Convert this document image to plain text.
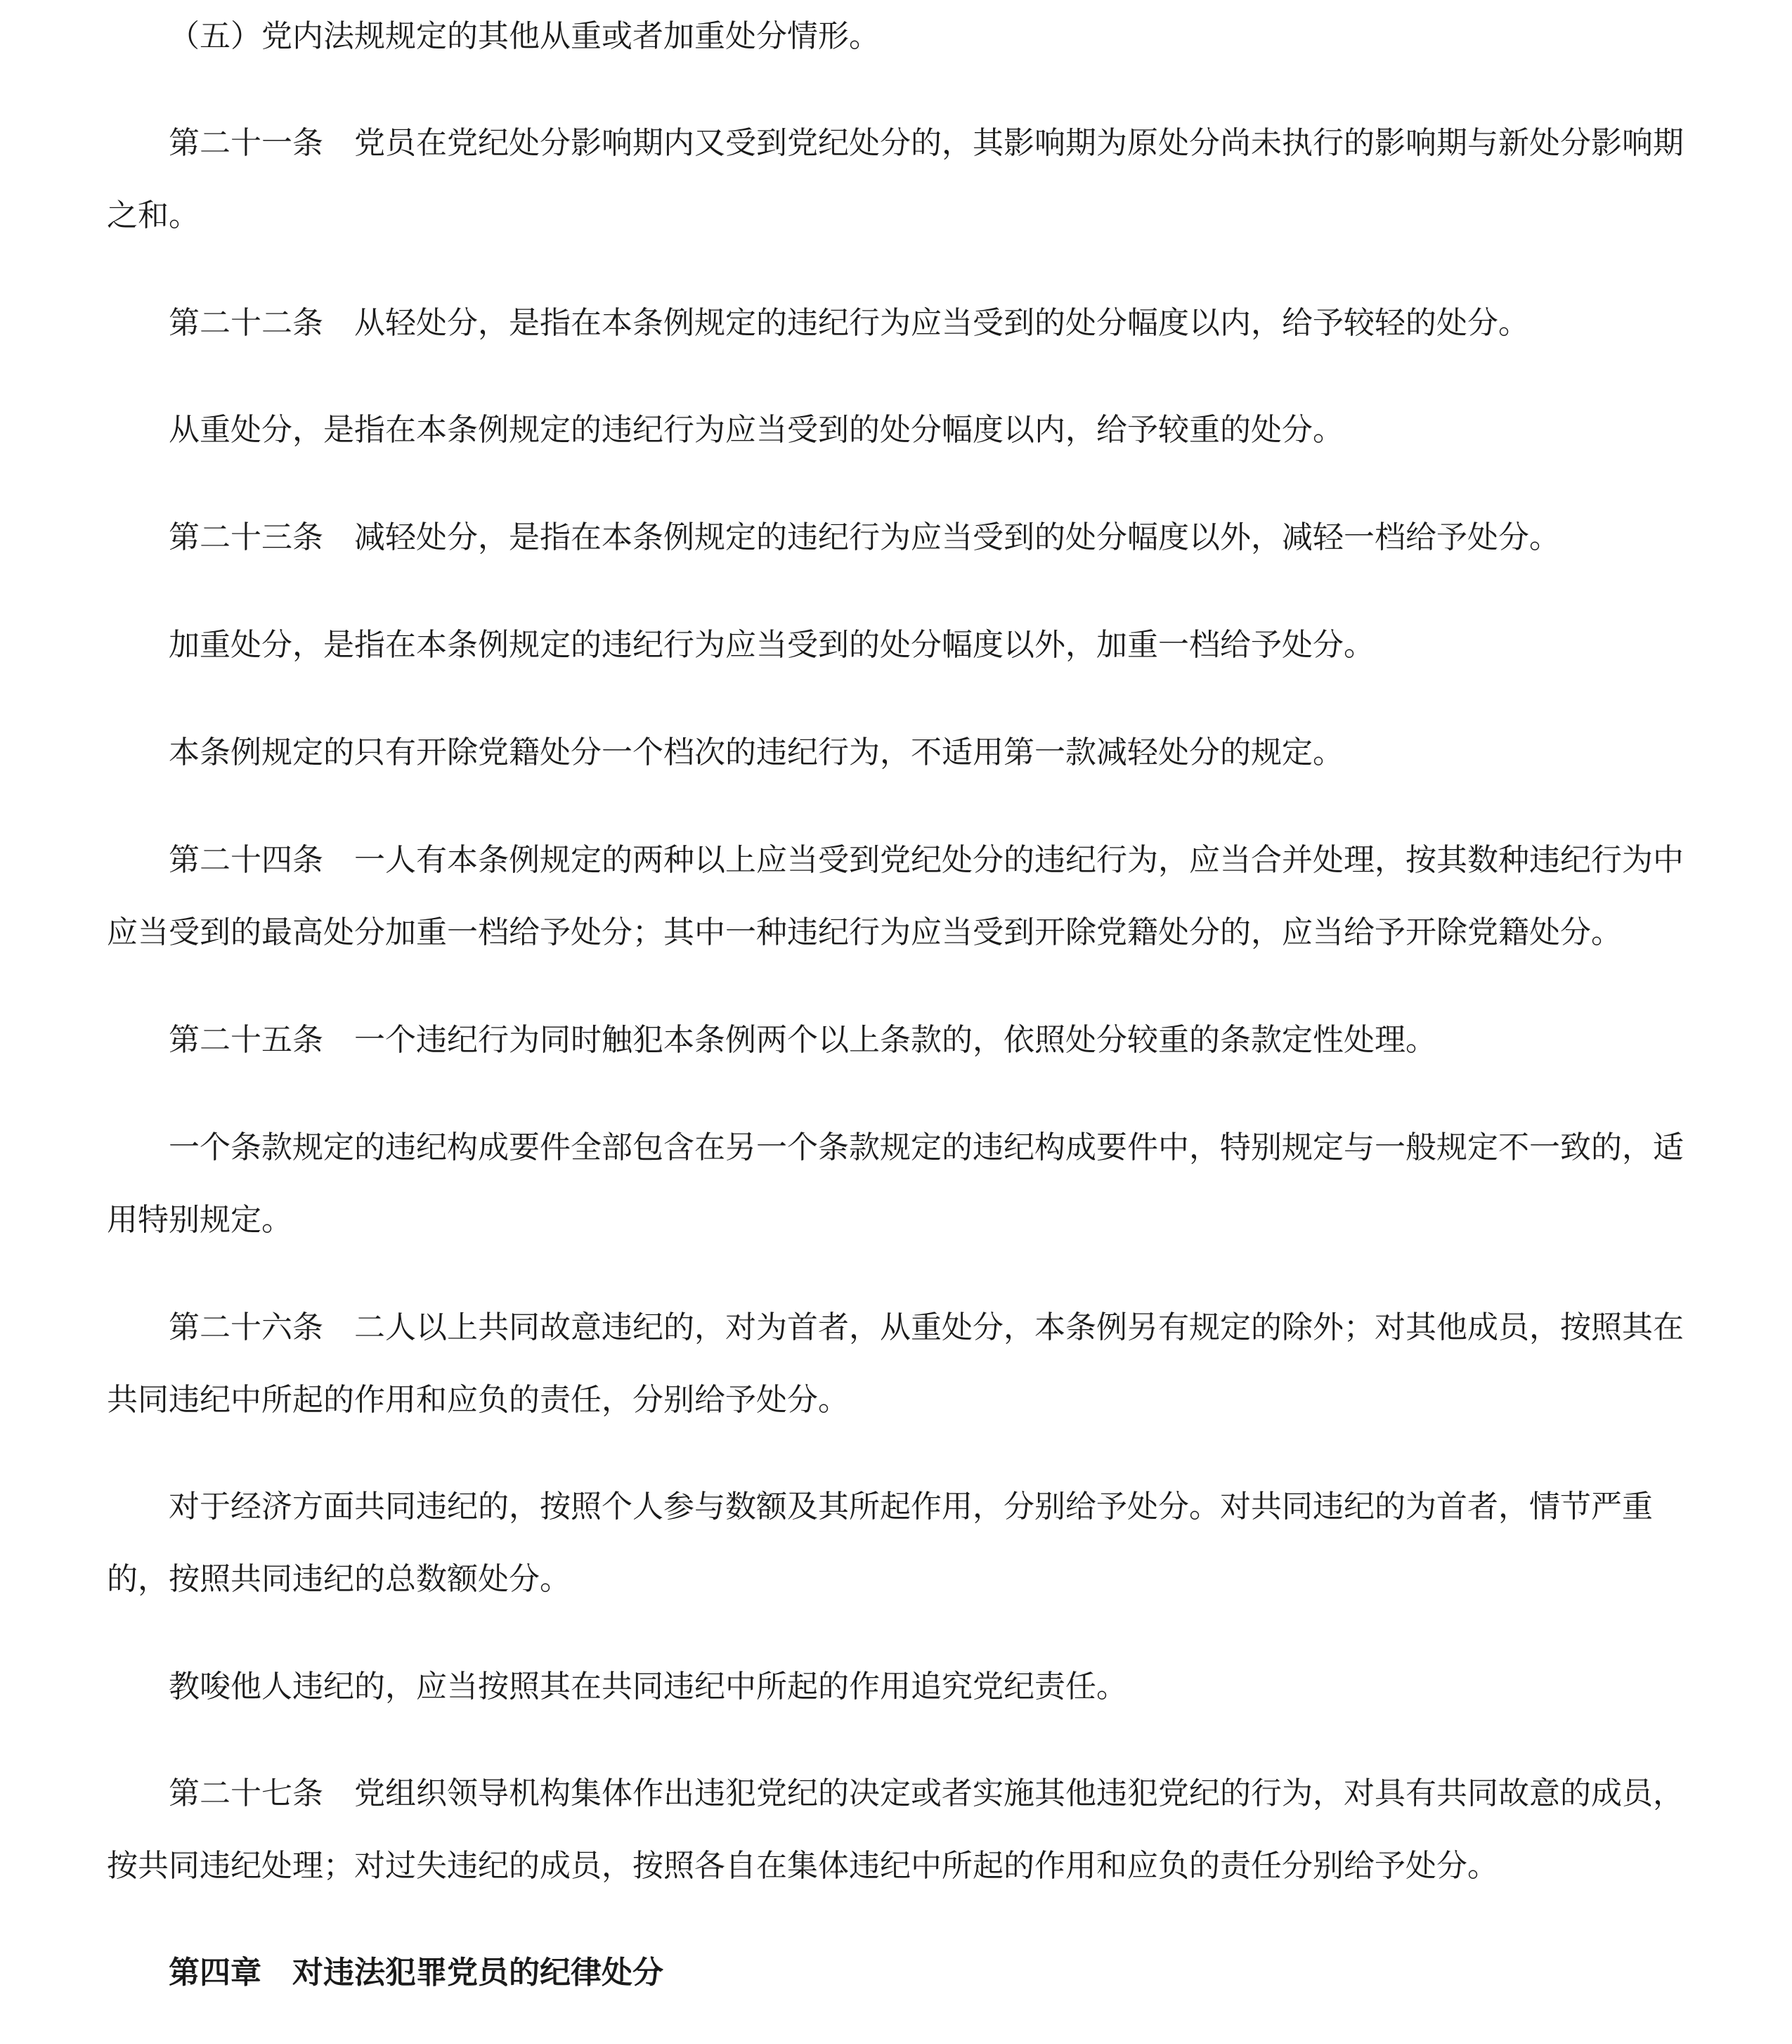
（五）党内法规规定的其他从重或者加重处分情形。

第二十一条　党员在党纪处分影响期内又受到党纪处分的，其影响期为原处分尚未执行的影响期与新处分影响期之和。

第二十二条　从轻处分，是指在本条例规定的违纪行为应当受到的处分幅度以内，给予较轻的处分。

从重处分，是指在本条例规定的违纪行为应当受到的处分幅度以内，给予较重的处分。

第二十三条　减轻处分，是指在本条例规定的违纪行为应当受到的处分幅度以外，减轻一档给予处分。

加重处分，是指在本条例规定的违纪行为应当受到的处分幅度以外，加重一档给予处分。

本条例规定的只有开除党籍处分一个档次的违纪行为，不适用第一款减轻处分的规定。

第二十四条　一人有本条例规定的两种以上应当受到党纪处分的违纪行为，应当合并处理，按其数种违纪行为中应当受到的最高处分加重一档给予处分；其中一种违纪行为应当受到开除党籍处分的，应当给予开除党籍处分。

第二十五条　一个违纪行为同时触犯本条例两个以上条款的，依照处分较重的条款定性处理。

一个条款规定的违纪构成要件全部包含在另一个条款规定的违纪构成要件中，特别规定与一般规定不一致的，适用特别规定。

第二十六条　二人以上共同故意违纪的，对为首者，从重处分，本条例另有规定的除外；对其他成员，按照其在共同违纪中所起的作用和应负的责任，分别给予处分。

对于经济方面共同违纪的，按照个人参与数额及其所起作用，分别给予处分。对共同违纪的为首者，情节严重的，按照共同违纪的总数额处分。

教唆他人违纪的，应当按照其在共同违纪中所起的作用追究党纪责任。

第二十七条　党组织领导机构集体作出违犯党纪的决定或者实施其他违犯党纪的行为，对具有共同故意的成员，按共同违纪处理；对过失违纪的成员，按照各自在集体违纪中所起的作用和应负的责任分别给予处分。

第四章　对违法犯罪党员的纪律处分
